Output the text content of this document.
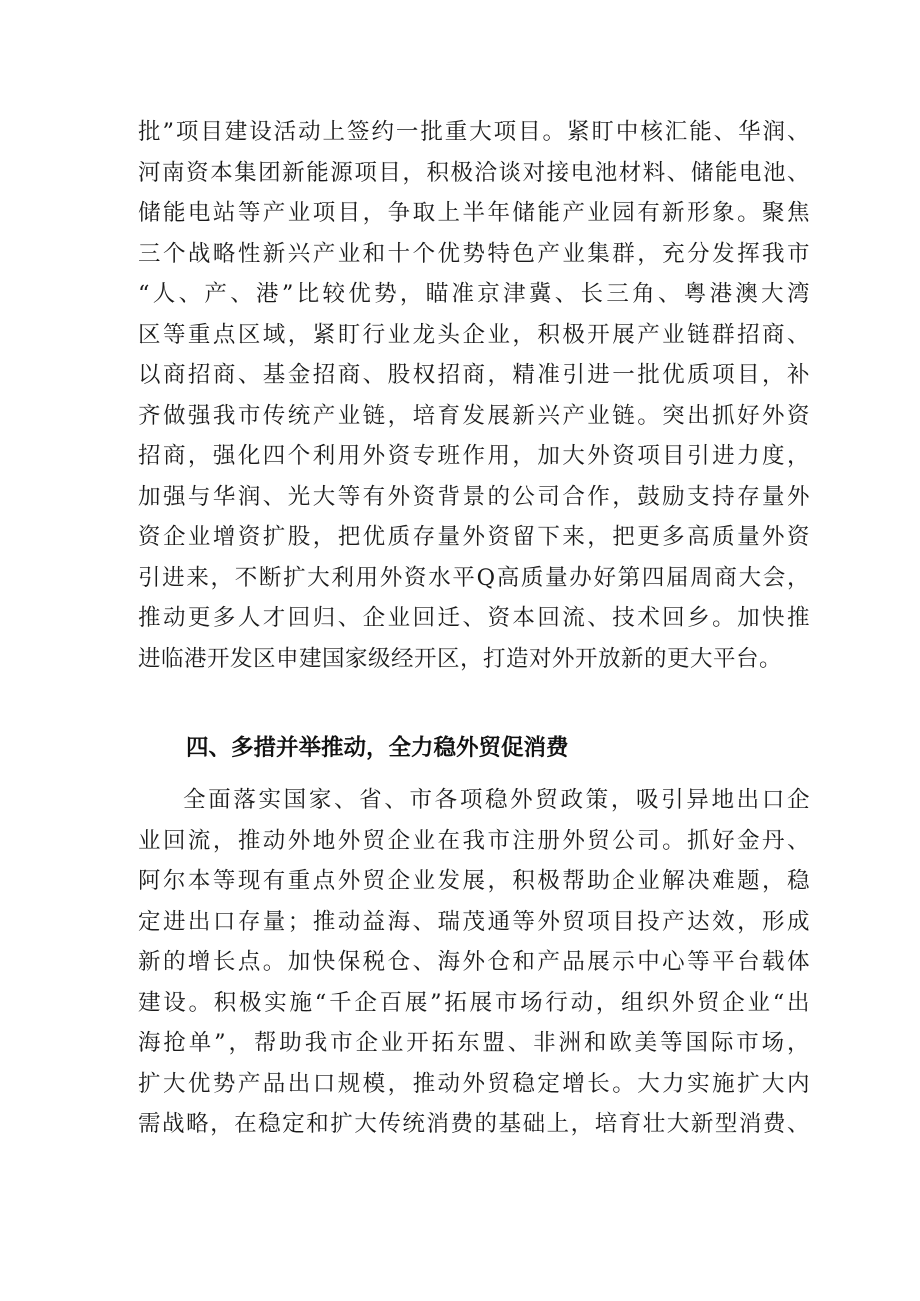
批”项目建设活动上签约一批重大项目。紧盯中核汇能、华润、
河南资本集团新能源项目，积极洽谈对接电池材料、储能电池、
储能电站等产业项目，争取上半年储能产业园有新形象。聚焦
三个战略性新兴产业和十个优势特色产业集群，充分发挥我市
“人、产、港”比较优势，瞄准京津冀、长三角、粤港澳大湾
区等重点区域，紧盯行业龙头企业，积极开展产业链群招商、
以商招商、基金招商、股权招商，精准引进一批优质项目，补
齐做强我市传统产业链，培育发展新兴产业链。突出抓好外资
招商，强化四个利用外资专班作用，加大外资项目引进力度，
加强与华润、光大等有外资背景的公司合作，鼓励支持存量外
资企业增资扩股，把优质存量外资留下来，把更多高质量外资
引进来，不断扩大利用外资水平Q高质量办好第四届周商大会，
推动更多人才回归、企业回迁、资本回流、技术回乡。加快推
进临港开发区申建国家级经开区，打造对外开放新的更大平台。
四、多措并举推动，全力稳外贸促消费
全面落实国家、省、市各项稳外贸政策，吸引异地出口企
业回流，推动外地外贸企业在我市注册外贸公司。抓好金丹、
阿尔本等现有重点外贸企业发展，积极帮助企业解决难题，稳
定进出口存量；推动益海、瑞茂通等外贸项目投产达效，形成
新的增长点。加快保税仓、海外仓和产品展示中心等平台载体
建设。积极实施“千企百展”拓展市场行动，组织外贸企业“出
海抢单”，帮助我市企业开拓东盟、非洲和欧美等国际市场，
扩大优势产品出口规模，推动外贸稳定增长。大力实施扩大内
需战略，在稳定和扩大传统消费的基础上，培育壮大新型消费、
